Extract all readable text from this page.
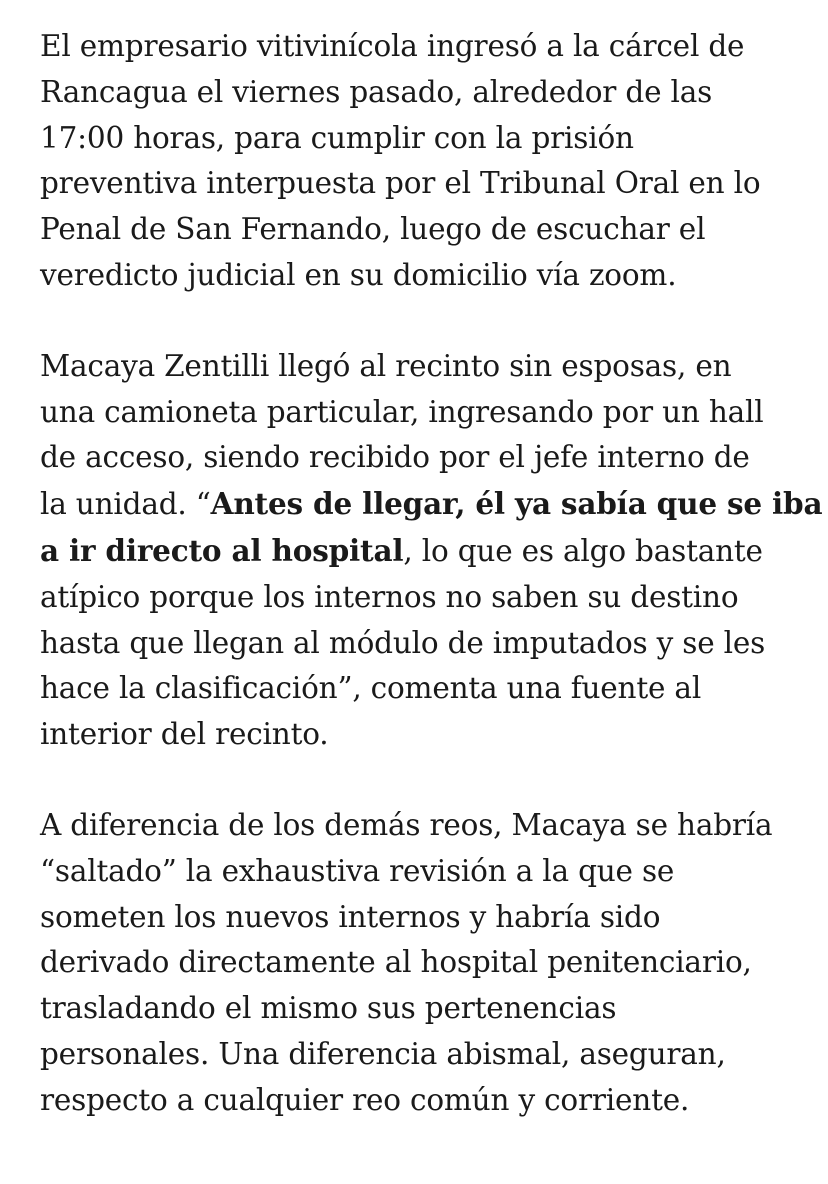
El empresario vitivinícola ingresó a la cárcel de
Rancagua el viernes pasado, alrededor de las
17:00 horas, para cumplir con la prisión
preventiva interpuesta por el Tribunal Oral en lo
Penal de San Fernando, luego de escuchar el
veredicto judicial en su domicilio vía zoom.

Macaya Zentilli llegó al recinto sin esposas, en
una camioneta particular, ingresando por un hall
de acceso, siendo recibido por el jefe interno de
la unidad. “Antes de llegar, él ya sabía que se iba
a ir directo al hospital, lo que es algo bastante
atípico porque los internos no saben su destino
hasta que llegan al módulo de imputados y se les
hace la clasificación”, comenta una fuente al
interior del recinto.

A diferencia de los demás reos, Macaya se habría
“saltado” la exhaustiva revisión a la que se
someten los nuevos internos y habría sido
derivado directamente al hospital penitenciario,
trasladando el mismo sus pertenencias
personales. Una diferencia abismal, aseguran,
respecto a cualquier reo común y corriente.
